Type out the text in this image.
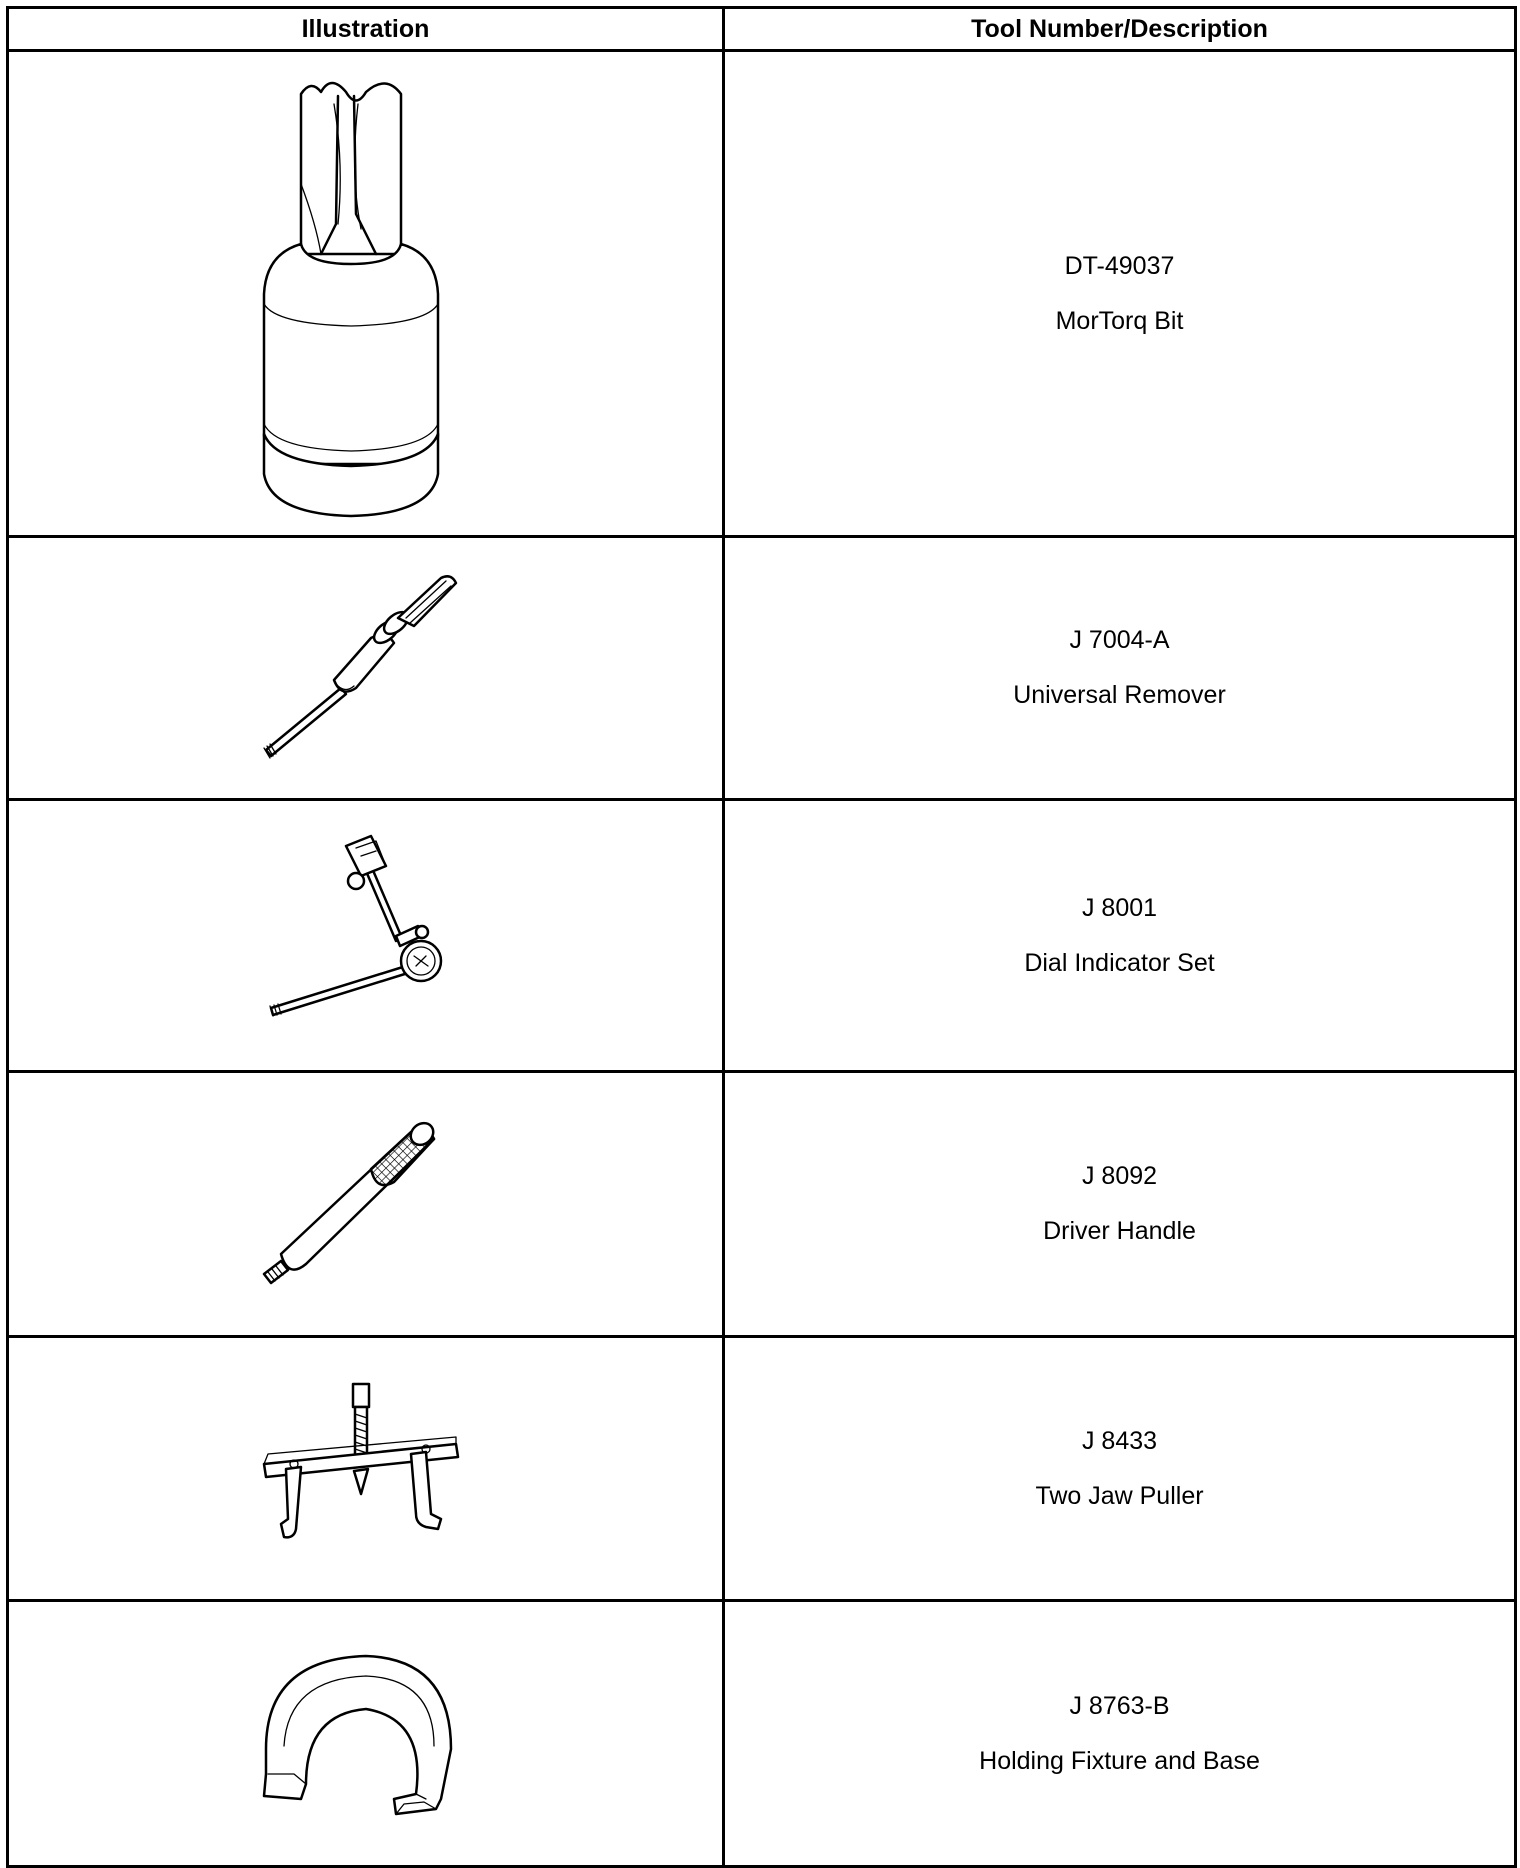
Illustration	Tool Number/Description

DT-49037
MorTorq Bit

J 7004-A
Universal Remover

J 8001
Dial Indicator Set

J 8092
Driver Handle

J 8433
Two Jaw Puller

J 8763-B
Holding Fixture and Base
